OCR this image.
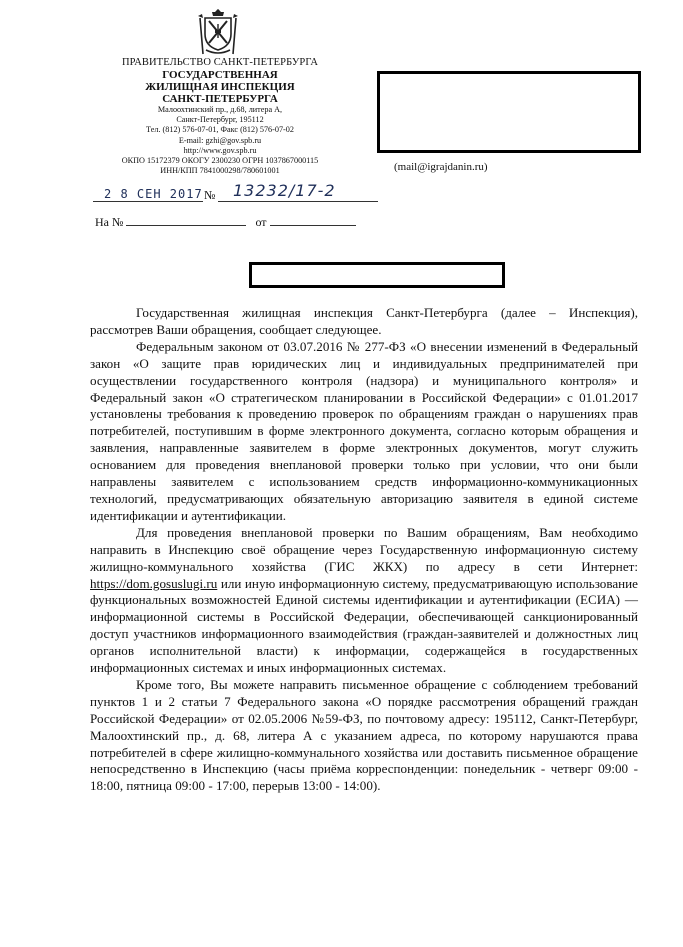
ПРАВИТЕЛЬСТВО САНКТ-ПЕТЕРБУРГА
ГОСУДАРСТВЕННАЯ
ЖИЛИЩНАЯ ИНСПЕКЦИЯ
САНКТ-ПЕТЕРБУРГА
Малоохтинский пр., д.68, литера А,
Санкт-Петербург, 195112
Тел. (812) 576-07-01, Факс (812) 576-07-02
E-mail: gzhi@gov.spb.ru
http://www.gov.spb.ru
ОКПО 15172379 ОКОГУ 2300230 ОГРН 1037867000115
ИНН/КПП 7841000298/780601001	(mail@igrajdanin.ru)
2 8 СЕН 2017 № 13232/17-2
На №	от

Государственная жилищная инспекция Санкт-Петербурга (далее – Инспекция), рассмотрев Ваши обращения, сообщает следующее.

Федеральным законом от 03.07.2016 № 277-ФЗ «О внесении изменений в Федеральный закон «О защите прав юридических лиц и индивидуальных предпринимателей при осуществлении государственного контроля (надзора) и муниципального контроля» и Федеральный закон «О стратегическом планировании в Российской Федерации» с 01.01.2017 установлены требования к проведению проверок по обращениям граждан о нарушениях прав потребителей, поступившим в форме электронного документа, согласно которым обращения и заявления, направленные заявителем в форме электронных документов, могут служить основанием для проведения внеплановой проверки только при условии, что они были направлены заявителем с использованием средств информационно-коммуникационных технологий, предусматривающих обязательную авторизацию заявителя в единой системе идентификации и аутентификации.

Для проведения внеплановой проверки по Вашим обращениям, Вам необходимо направить в Инспекцию своё обращение через Государственную информационную систему жилищно-коммунального хозяйства (ГИС ЖКХ) по адресу в сети Интернет: https://dom.gosuslugi.ru или иную информационную систему, предусматривающую использование функциональных возможностей Единой системы идентификации и аутентификации (ЕСИА) — информационной системы в Российской Федерации, обеспечивающей санкционированный доступ участников информационного взаимодействия (граждан-заявителей и должностных лиц органов исполнительной власти) к информации, содержащейся в государственных информационных системах и иных информационных системах.

Кроме того, Вы можете направить письменное обращение с соблюдением требований пунктов 1 и 2 статьи 7 Федерального закона «О порядке рассмотрения обращений граждан Российской Федерации» от 02.05.2006 №59-ФЗ, по почтовому адресу: 195112, Санкт-Петербург, Малоохтинский пр., д. 68, литера А с указанием адреса, по которому нарушаются права потребителей в сфере жилищно-коммунального хозяйства или доставить письменное обращение непосредственно в Инспекцию (часы приёма корреспонденции: понедельник - четверг 09:00 - 18:00, пятница 09:00 - 17:00, перерыв 13:00 - 14:00).
